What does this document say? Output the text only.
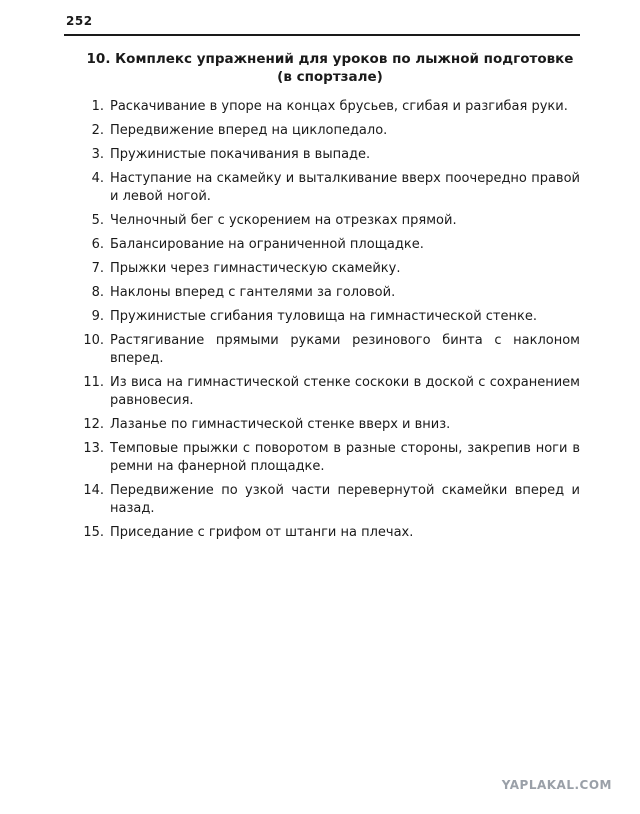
252
10. Комплекс упражнений для уроков по лыжной подготовке
(в спортзале)
1. Раскачивание в упоре на концах брусьев, сгибая и разгибая руки.
2. Передвижение вперед на циклопедало.
3. Пружинистые покачивания в выпаде.
4. Наступание на скамейку и выталкивание вверх поочередно правой и левой ногой.
5. Челночный бег с ускорением на отрезках прямой.
6. Балансирование на ограниченной площадке.
7. Прыжки через гимнастическую скамейку.
8. Наклоны вперед с гантелями за головой.
9. Пружинистые сгибания туловища на гимнастической стенке.
10. Растягивание прямыми руками резинового бинта с наклоном вперед.
11. Из виса на гимнастической стенке соскоки в доской с сохранением равновесия.
12. Лазанье по гимнастической стенке вверх и вниз.
13. Темповые прыжки с поворотом в разные стороны, закрепив ноги в ремни на фанерной площадке.
14. Передвижение по узкой части перевернутой скамейки вперед и назад.
15. Приседание с грифом от штанги на плечах.
YAPLAKAL.COM
